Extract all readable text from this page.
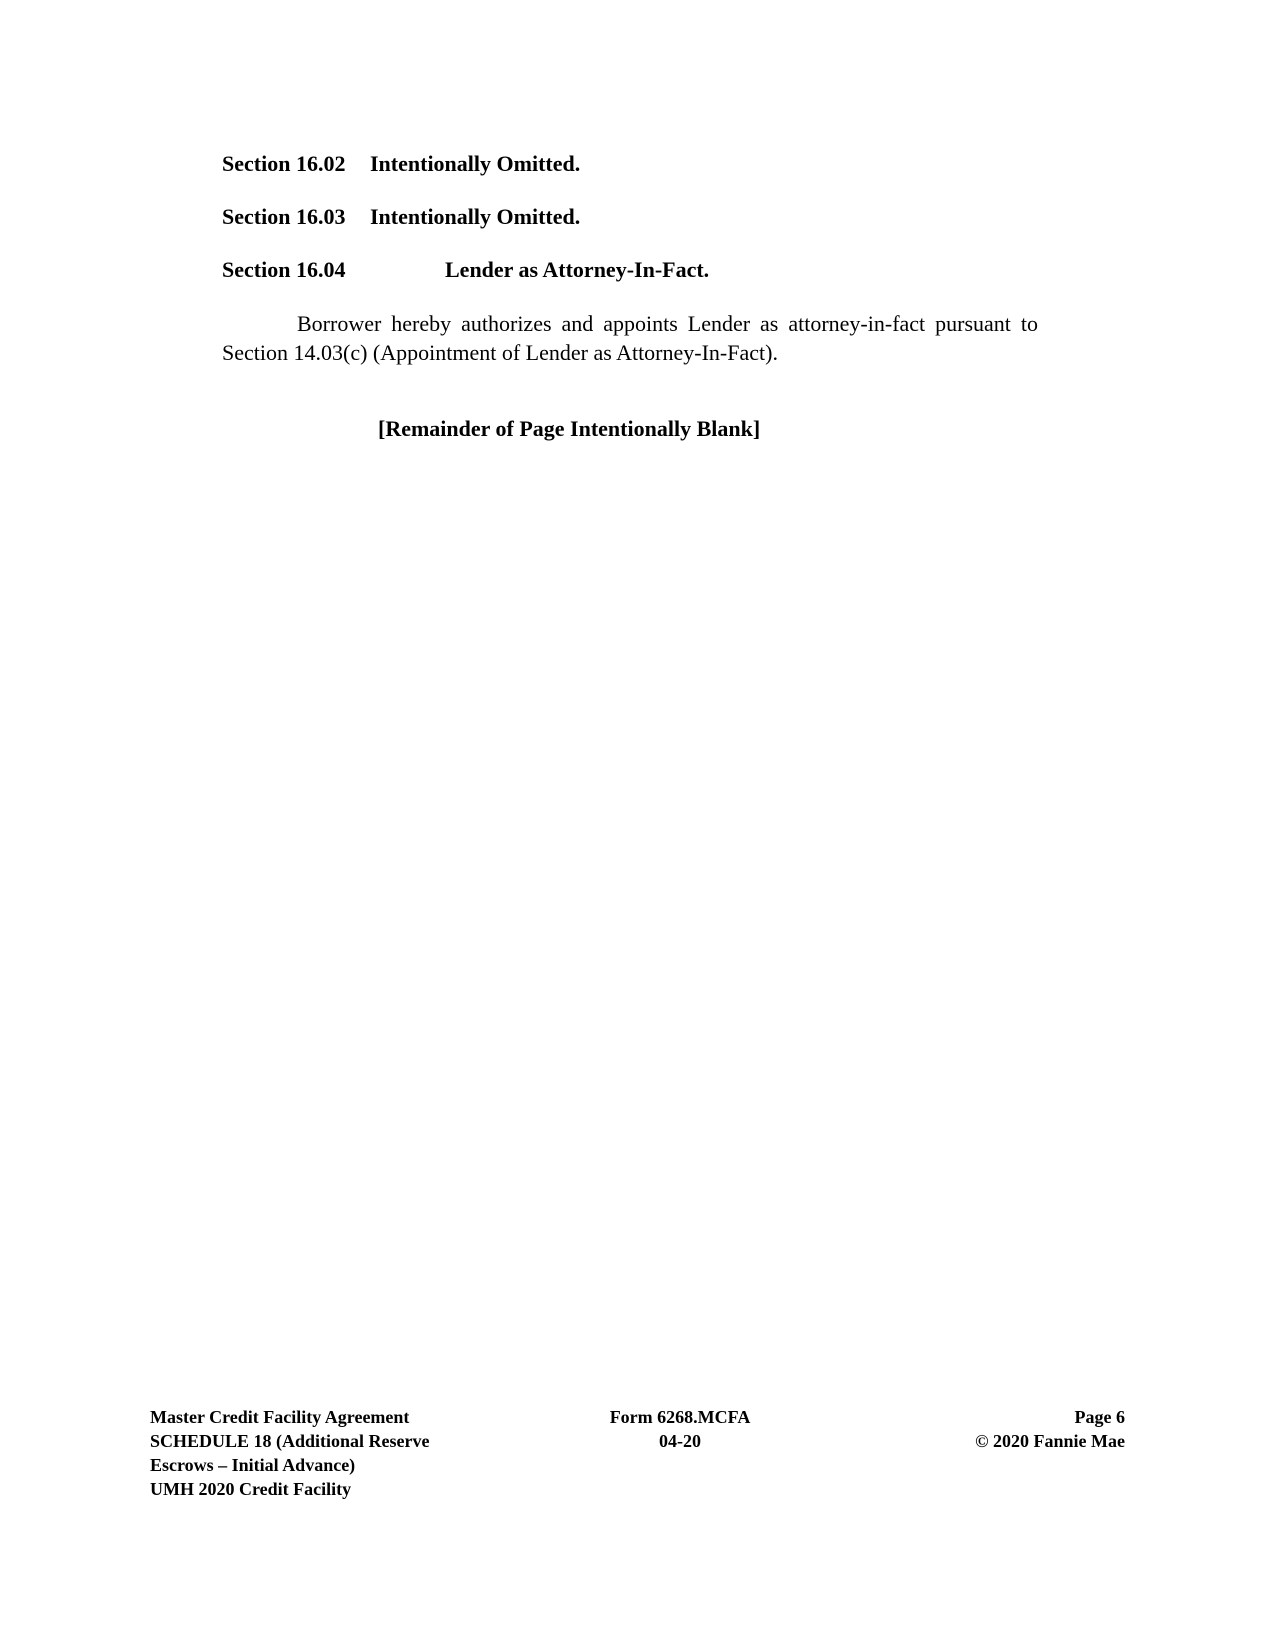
Section 16.02 Intentionally Omitted.
Section 16.03 Intentionally Omitted.
Section 16.04	Lender as Attorney-In-Fact.

Borrower hereby authorizes and appoints Lender as attorney-in-fact pursuant to Section 14.03(c) (Appointment of Lender as Attorney-In-Fact).

[Remainder of Page Intentionally Blank]
Master Credit Facility Agreement
SCHEDULE 18 (Additional Reserve
Escrows – Initial Advance)
UMH 2020 Credit Facility
Form 6268.MCFA
04-20
Page 6
© 2020 Fannie Mae
